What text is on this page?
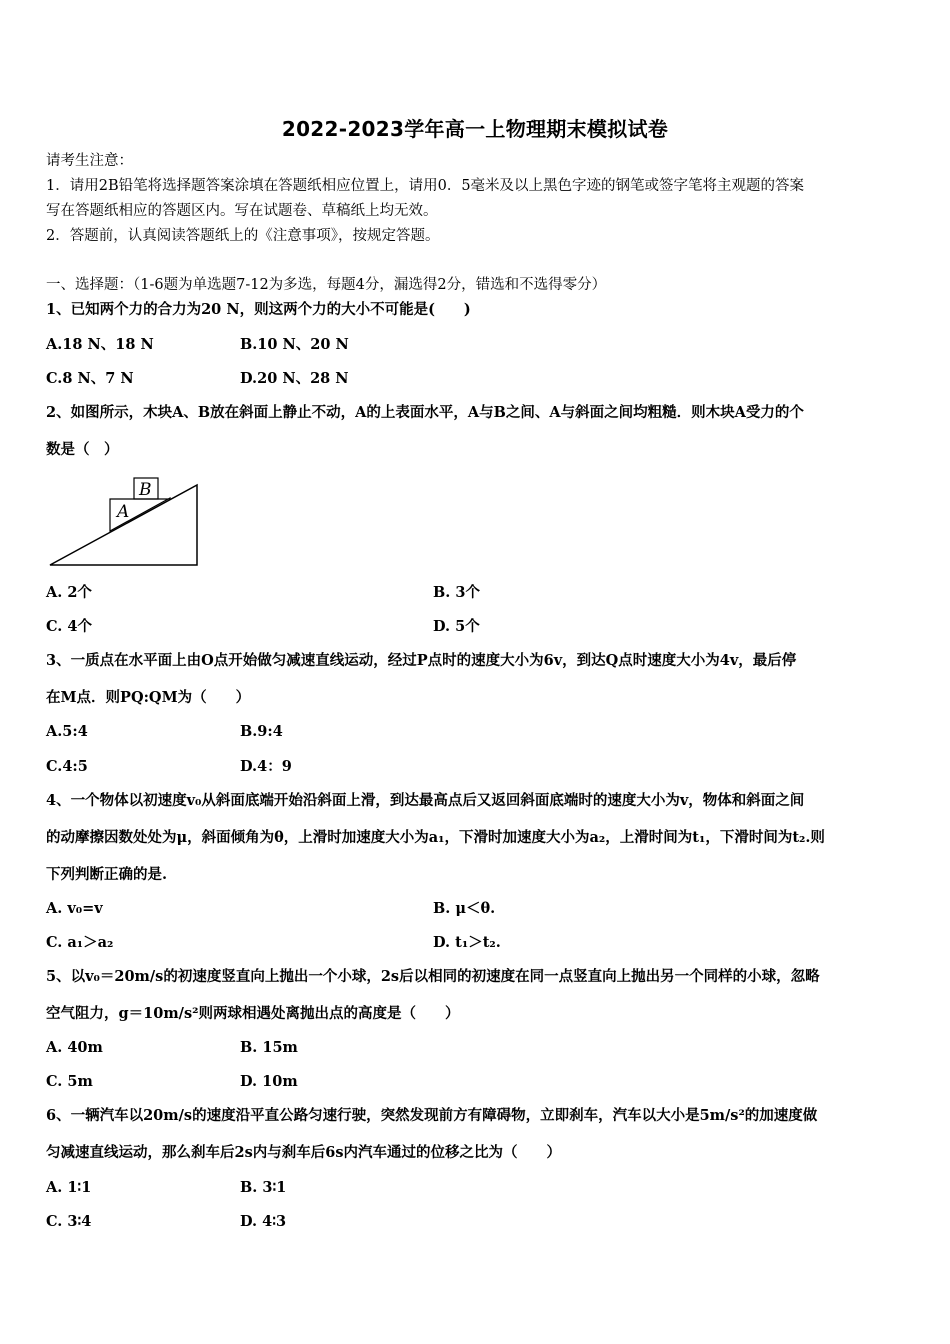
2022-2023学年高一上物理期末模拟试卷
请考生注意：
1．请用2B铅笔将选择题答案涂填在答题纸相应位置上，请用0．5毫米及以上黑色字迹的钢笔或签字笔将主观题的答案
写在答题纸相应的答题区内。写在试题卷、草稿纸上均无效。
2．答题前，认真阅读答题纸上的《注意事项》，按规定答题。
一、选择题：（1-6题为单选题7-12为多选，每题4分，漏选得2分，错选和不选得零分）
1、已知两个力的合力为20 N，则这两个力的大小不可能是(　　)
A.18 N、18 N	B.10 N、20 N
C.8 N、7 N	D.20 N、28 N
2、如图所示，木块A、B放在斜面上静止不动，A的上表面水平，A与B之间、A与斜面之间均粗糙．则木块A受力的个
数是（　）
A
B
A. 2个	B. 3个
C. 4个	D. 5个
3、一质点在水平面上由O点开始做匀减速直线运动，经过P点时的速度大小为6v，到达Q点时速度大小为4v，最后停
在M点．则PQ:QM为（　　）
A.5:4	B.9:4
C.4:5	D.4：9
4、一个物体以初速度v₀从斜面底端开始沿斜面上滑，到达最高点后又返回斜面底端时的速度大小为v，物体和斜面之间
的动摩擦因数处处为μ，斜面倾角为θ，上滑时加速度大小为a₁，下滑时加速度大小为a₂，上滑时间为t₁，下滑时间为t₂.则
下列判断正确的是.
A. v₀=v	B. μ＜θ.
C. a₁＞a₂	D. t₁＞t₂.
5、以v₀＝20m/s的初速度竖直向上抛出一个小球，2s后以相同的初速度在同一点竖直向上抛出另一个同样的小球，忽略
空气阻力，g＝10m/s²则两球相遇处离抛出点的高度是（　　）
A. 40m	B. 15m
C. 5m	D. 10m
6、一辆汽车以20m/s的速度沿平直公路匀速行驶，突然发现前方有障碍物，立即刹车，汽车以大小是5m/s²的加速度做
匀减速直线运动，那么刹车后2s内与刹车后6s内汽车通过的位移之比为（　　）
A. 1∶1	B. 3∶1
C. 3∶4	D. 4∶3
